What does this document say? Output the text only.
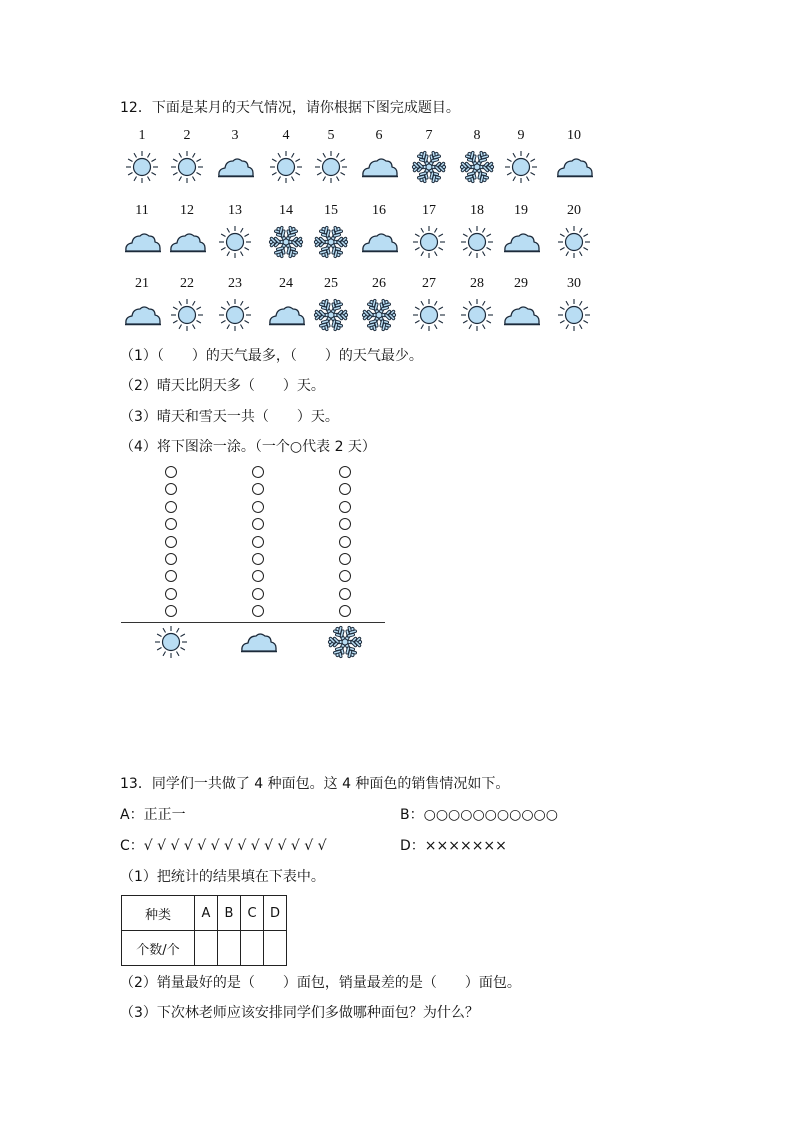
12．下面是某月的天气情况，请你根据下图完成题目。
1	2	3	4	5	6	7	8	9	10
11	12	13	14	15	16	17	18	19	20
21	22	23	24	25	26	27	28	29	30
（1）（　　）的天气最多，（　　）的天气最少。
（2）晴天比阴天多（　　）天。
（3）晴天和雪天一共（　　）天。
（4）将下图涂一涂。（一个○代表 2 天）
13．同学们一共做了 4 种面包。这 4 种面色的销售情况如下。
A：正正一	B：○○○○○○○○○○○
C：√ √ √ √ √ √ √ √ √ √ √ √ √ √	D：×××××××
（1）把统计的结果填在下表中。
种类	A	B	C	D
个数/个				
（2）销量最好的是（　　）面包，销量最差的是（　　）面包。
（3）下次林老师应该安排同学们多做哪种面包？为什么？
